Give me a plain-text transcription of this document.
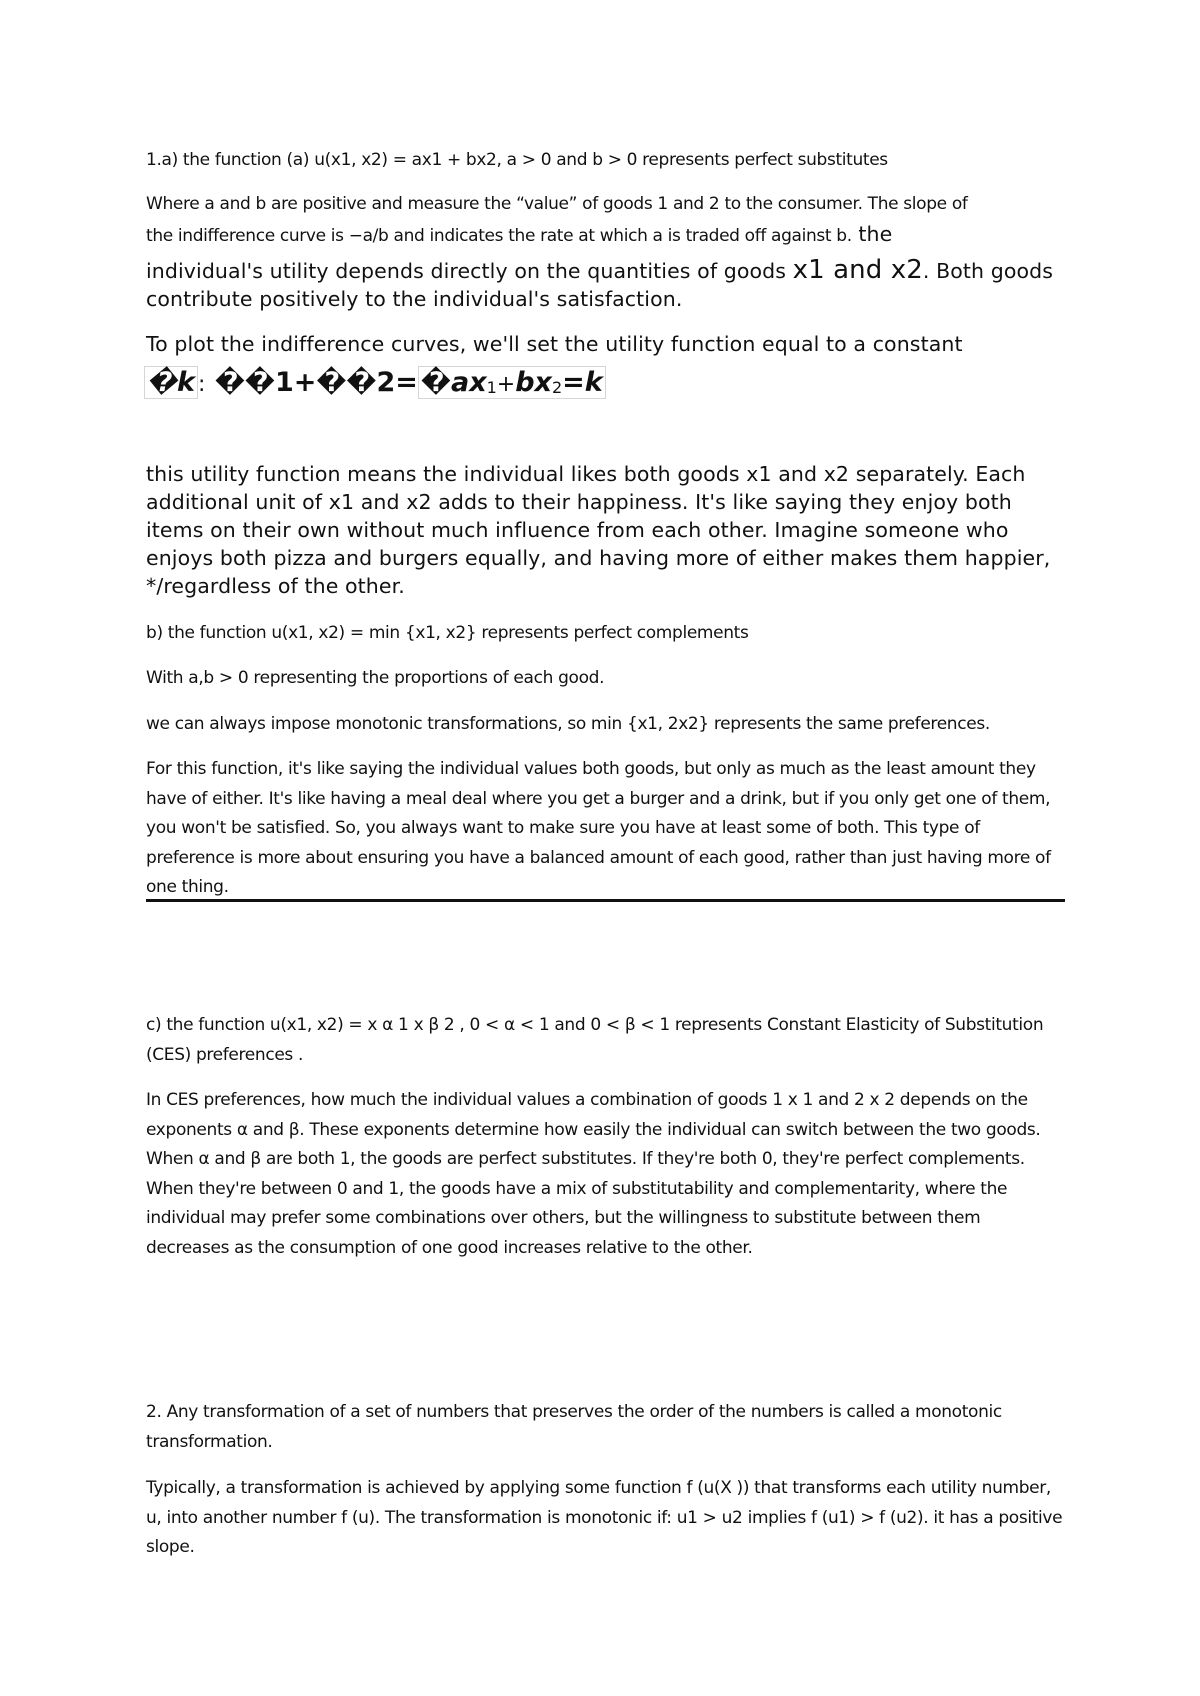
1.a) the function (a) u(x1, x2) = ax1 + bx2, a > 0 and b > 0 represents perfect substitutes

Where a and b are positive and measure the “value” of goods 1 and 2 to the consumer. The slope of
the indifference curve is −a/b and indicates the rate at which a is traded off against b. the

individual's utility depends directly on the quantities of goods x1 and x2. Both goods contribute positively to the individual's satisfaction.

To plot the indifference curves, we'll set the utility function equal to a constant

�k : ��1+��2= $�ax_1+bx_2=k$

this utility function means the individual likes both goods x1 and x2 separately. Each additional unit of x1 and x2 adds to their happiness. It's like saying they enjoy both items on their own without much influence from each other. Imagine someone who enjoys both pizza and burgers equally, and having more of either makes them happier, */regardless of the other.

b) the function u(x1, x2) = min {x1, x2} represents perfect complements

With a,b > 0 representing the proportions of each good.

we can always impose monotonic transformations, so min {x1, 2x2} represents the same preferences.

For this function, it's like saying the individual values both goods, but only as much as the least amount they have of either. It's like having a meal deal where you get a burger and a drink, but if you only get one of them, you won't be satisfied. So, you always want to make sure you have at least some of both. This type of preference is more about ensuring you have a balanced amount of each good, rather than just having more of one thing.

c) the function u(x1, x2) = x α 1 x β 2 , 0 < α < 1 and 0 < β < 1 represents Constant Elasticity of Substitution (CES) preferences .

In CES preferences, how much the individual values a combination of goods 1 x 1 and 2 x 2 depends on the exponents α and β. These exponents determine how easily the individual can switch between the two goods. When α and β are both 1, the goods are perfect substitutes. If they're both 0, they're perfect complements. When they're between 0 and 1, the goods have a mix of substitutability and complementarity, where the individual may prefer some combinations over others, but the willingness to substitute between them decreases as the consumption of one good increases relative to the other.

2. Any transformation of a set of numbers that preserves the order of the numbers is called a monotonic transformation.

Typically, a transformation is achieved by applying some function f (u(X )) that transforms each utility number, u, into another number f (u). The transformation is monotonic if: u1 > u2 implies f (u1) > f (u2). it has a positive slope.
